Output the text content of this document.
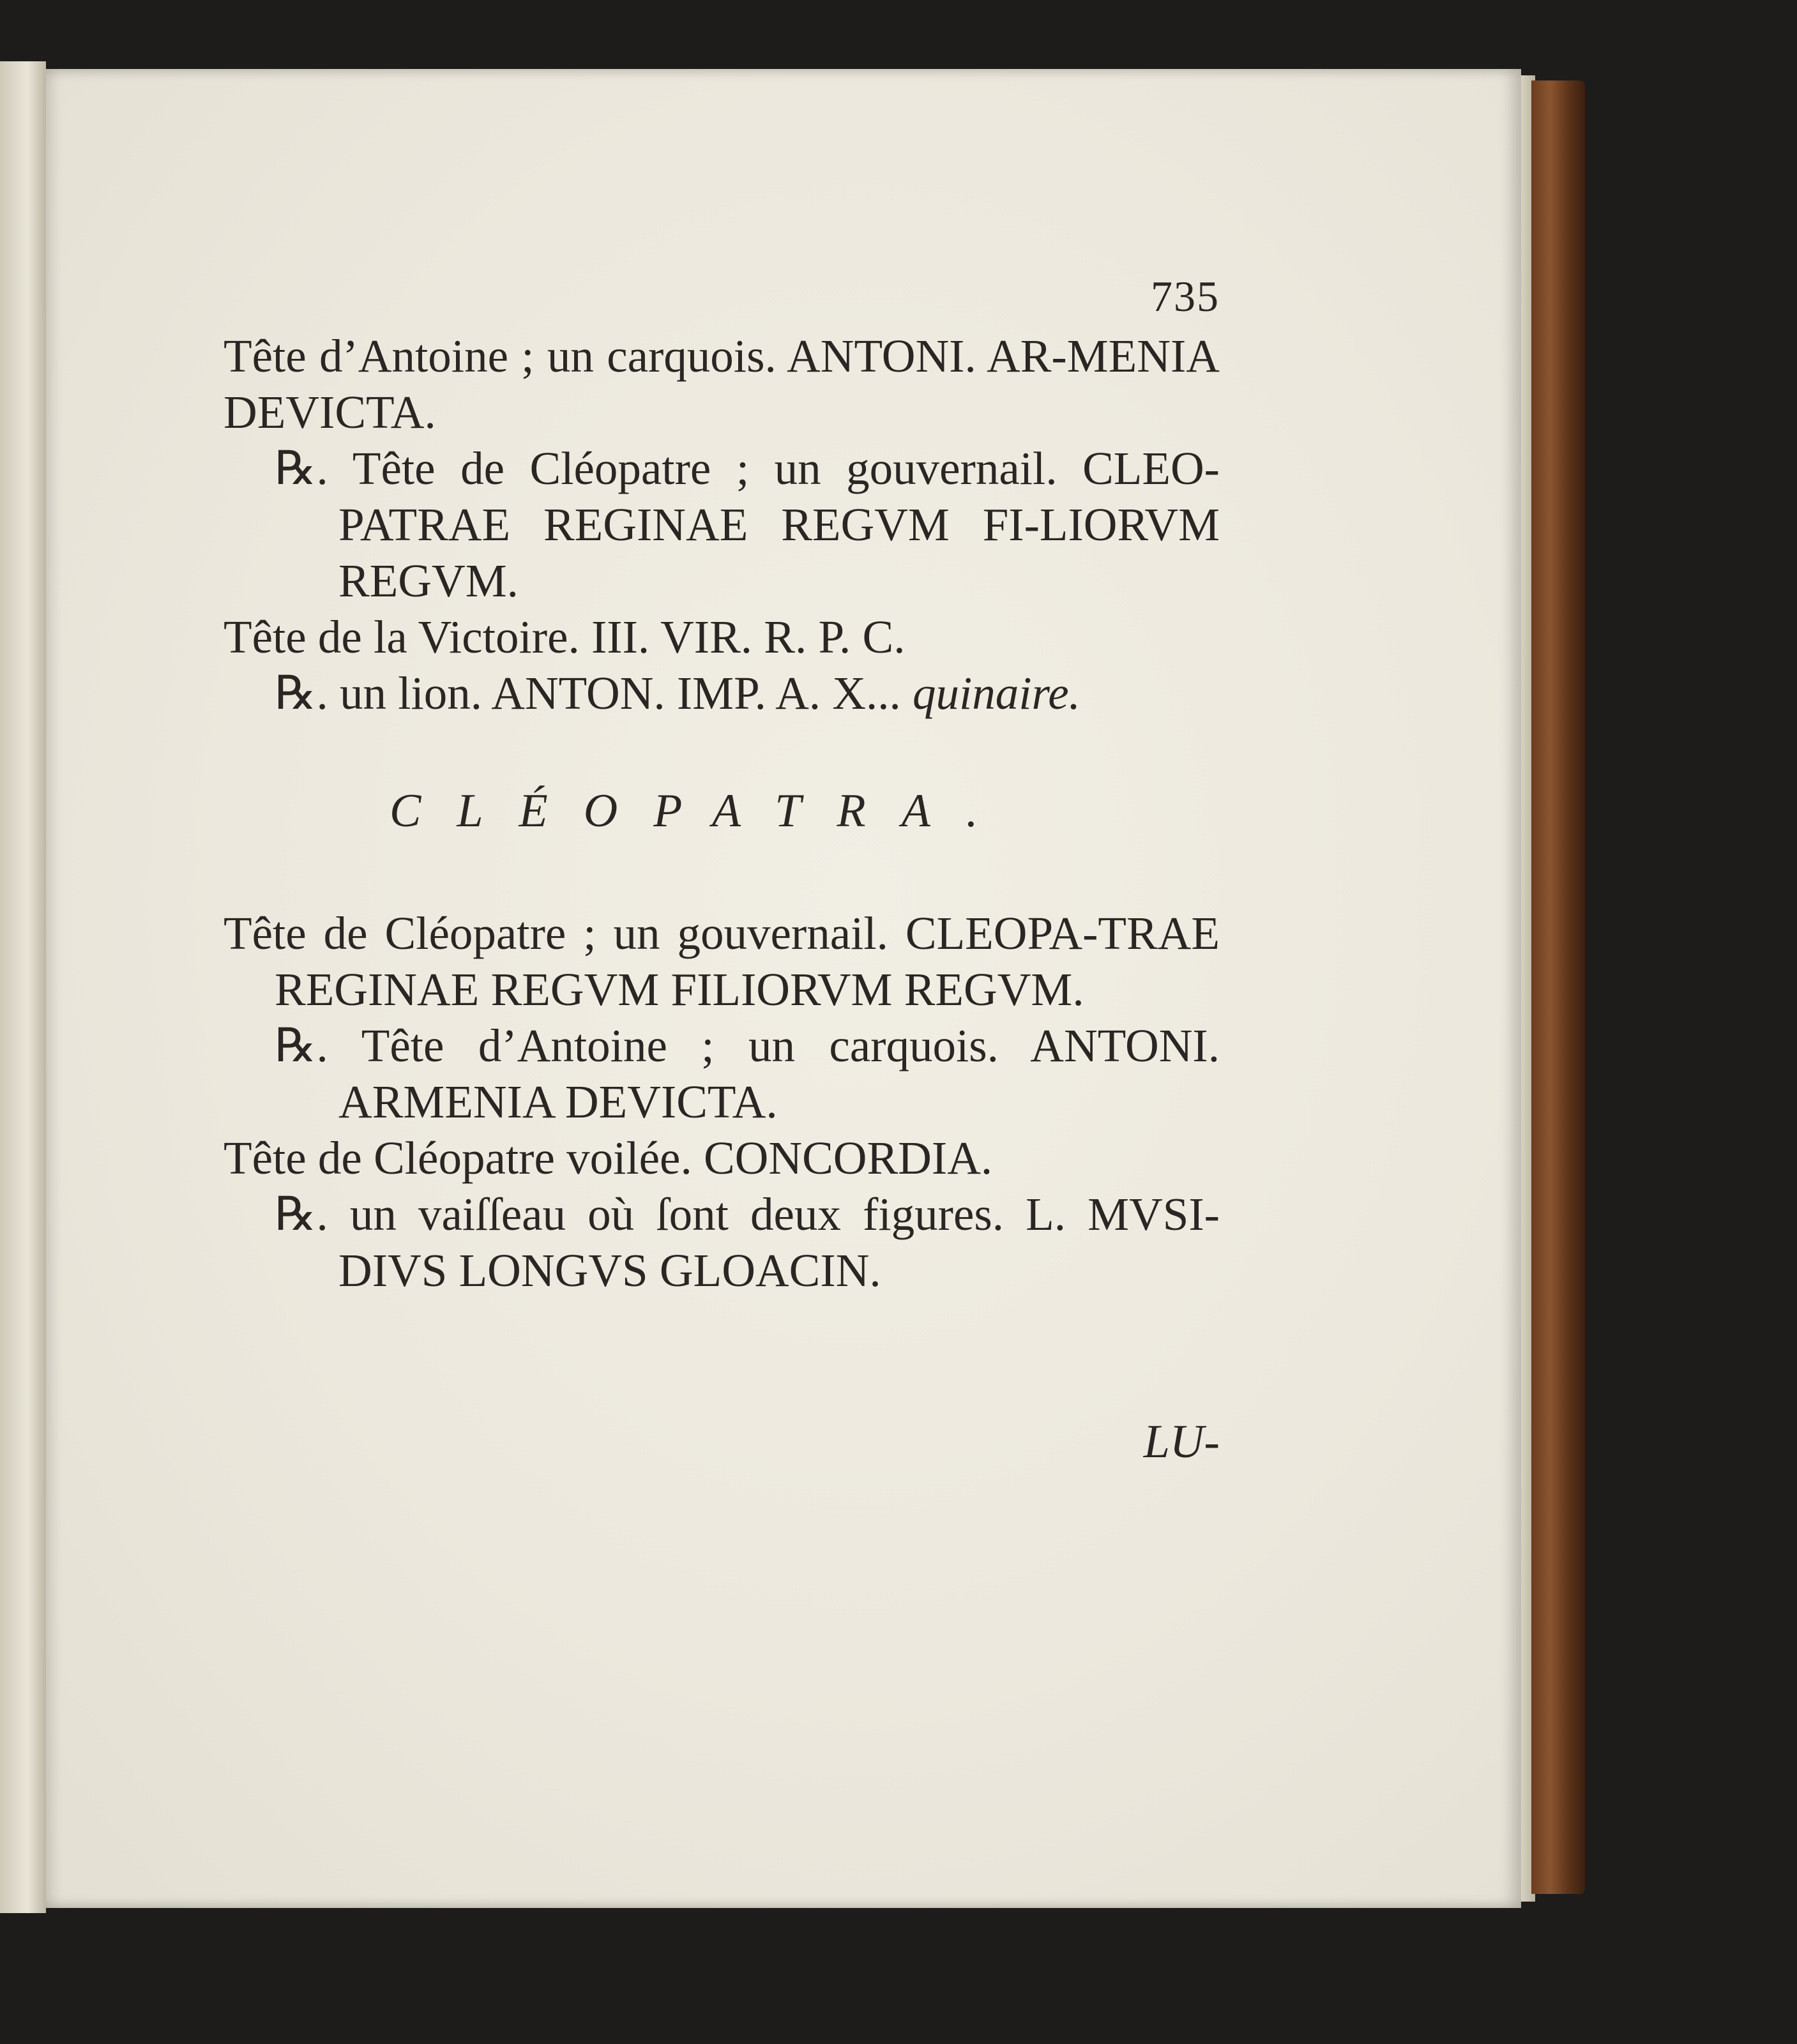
735
Tête d’Antoine ; un carquois. ANTONI. AR-MENIA DEVICTA.
℞. Tête de Cléopatre ; un gouvernail. CLEO-PATRAE REGINAE REGVM FI-LIORVM REGVM.
Tête de la Victoire. III. VIR. R. P. C.
℞. un lion. ANTON. IMP. A. X... quinaire.
CLÉOPATRA.
Tête de Cléopatre ; un gouvernail. CLEOPA-TRAE REGINAE REGVM FILIORVM REGVM.
℞. Tête d’Antoine ; un carquois. ANTONI. ARMENIA DEVICTA.
Tête de Cléopatre voilée. CONCORDIA.
℞. un vaiſſeau où ſont deux figures. L. MVSI-DIVS LONGVS GLOACIN.
LU-
